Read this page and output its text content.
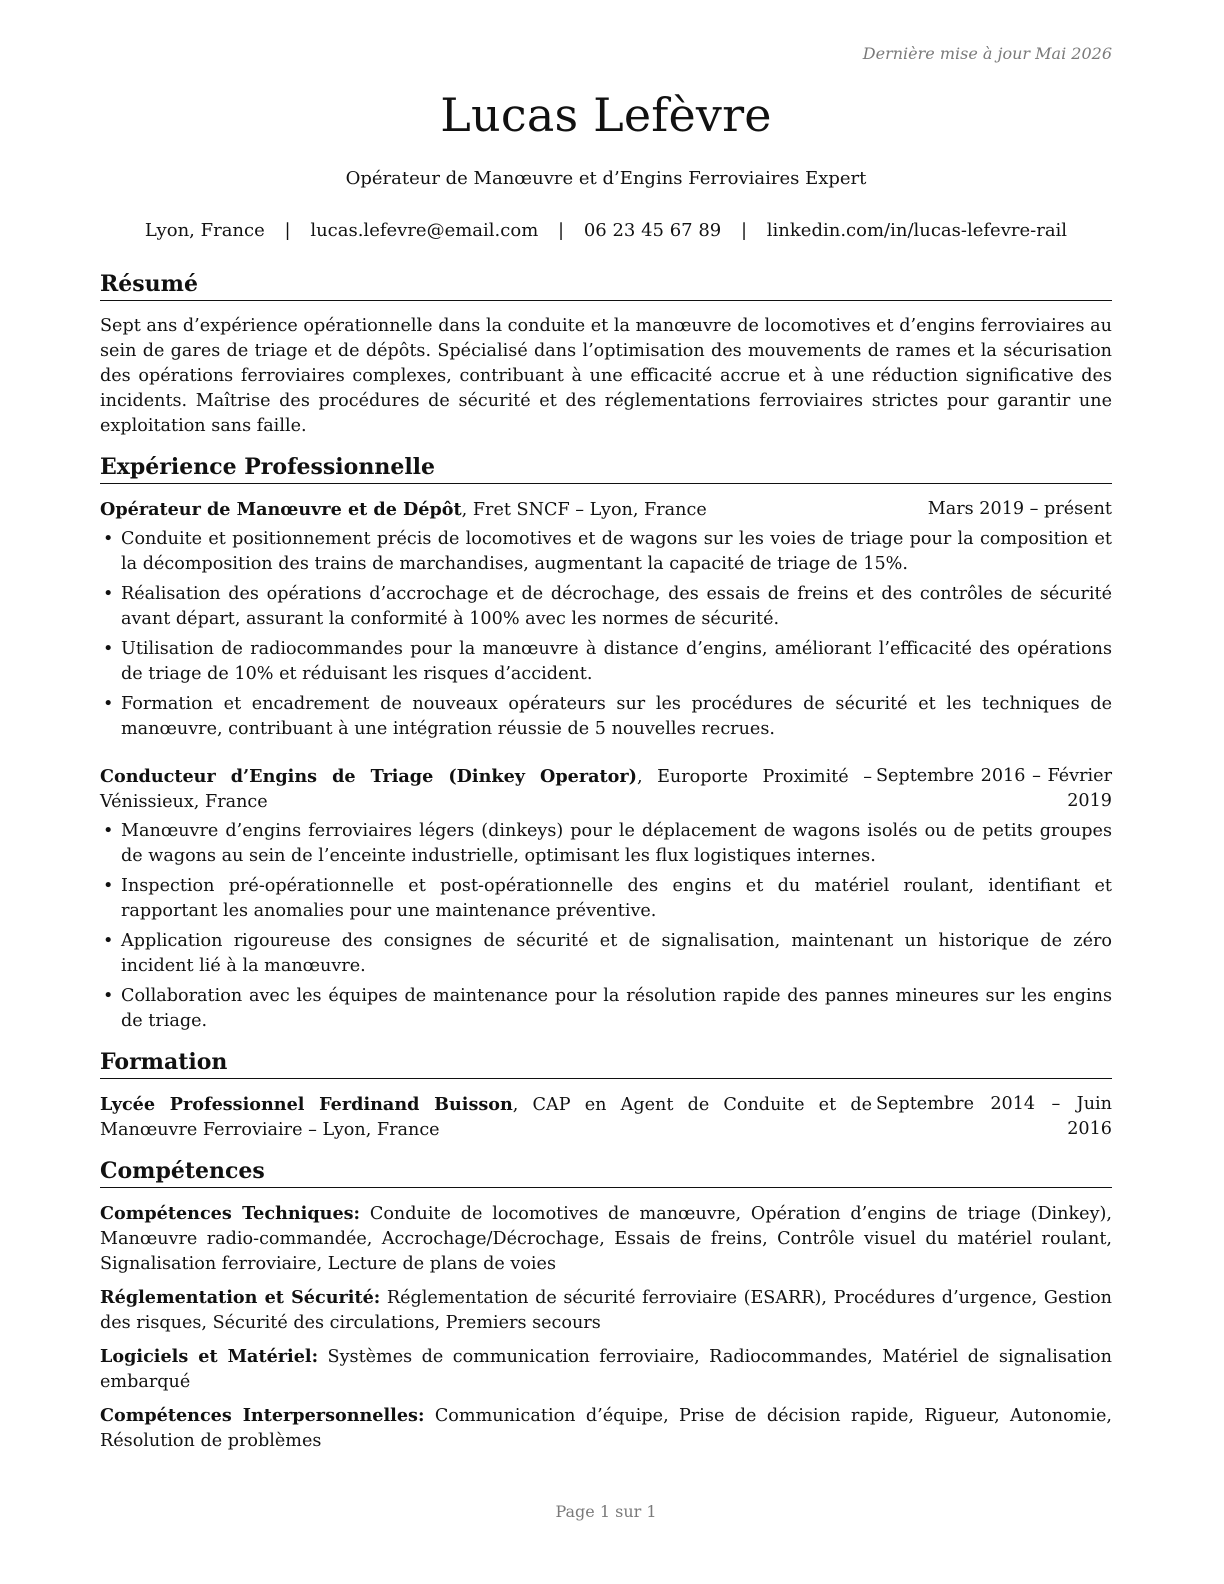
Dernière mise à jour Mai 2026
Lucas Lefèvre
Opérateur de Manœuvre et d’Engins Ferroviaires Expert
Lyon, France | lucas.lefevre@email.com | 06 23 45 67 89 | linkedin.com/in/lucas-lefevre-rail
Résumé

Sept ans d’expérience opérationnelle dans la conduite et la manœuvre de locomotives et d’engins ferroviaires au sein de gares de triage et de dépôts. Spécialisé dans l’optimisation des mouvements de rames et la sécurisation des opérations ferroviaires complexes, contribuant à une efficacité accrue et à une réduction significative des incidents. Maîtrise des procédures de sécurité et des réglementations ferroviaires strictes pour garantir une exploitation sans faille.

Expérience Professionnelle
Opérateur de Manœuvre et de Dépôt, Fret SNCF – Lyon, France	Mars 2019 – présent
• Conduite et positionnement précis de locomotives et de wagons sur les voies de triage pour la composition et la décomposition des trains de marchandises, augmentant la capacité de triage de 15%.
• Réalisation des opérations d’accrochage et de décrochage, des essais de freins et des contrôles de sécurité avant départ, assurant la conformité à 100% avec les normes de sécurité.
• Utilisation de radiocommandes pour la manœuvre à distance d’engins, améliorant l’efficacité des opérations de triage de 10% et réduisant les risques d’accident.
• Formation et encadrement de nouveaux opérateurs sur les procédures de sécurité et les techniques de manœuvre, contribuant à une intégration réussie de 5 nouvelles recrues.
Conducteur d’Engins de Triage (Dinkey Operator), Europorte Proximité – Vénissieux, France
Septembre 2016 – Février 2019
• Manœuvre d’engins ferroviaires légers (dinkeys) pour le déplacement de wagons isolés ou de petits groupes de wagons au sein de l’enceinte industrielle, optimisant les flux logistiques internes.
• Inspection pré-opérationnelle et post-opérationnelle des engins et du matériel roulant, identifiant et rapportant les anomalies pour une maintenance préventive.
• Application rigoureuse des consignes de sécurité et de signalisation, maintenant un historique de zéro incident lié à la manœuvre.
• Collaboration avec les équipes de maintenance pour la résolution rapide des pannes mineures sur les engins de triage.
Formation
Lycée Professionnel Ferdinand Buisson, CAP en Agent de Conduite et de Manœuvre Ferroviaire – Lyon, France
Septembre 2014 – Juin 2016
Compétences

Compétences Techniques: Conduite de locomotives de manœuvre, Opération d’engins de triage (Dinkey), Manœuvre radio-commandée, Accrochage/Décrochage, Essais de freins, Contrôle visuel du matériel roulant, Signalisation ferroviaire, Lecture de plans de voies

Réglementation et Sécurité: Réglementation de sécurité ferroviaire (ESARR), Procédures d’urgence, Gestion des risques, Sécurité des circulations, Premiers secours

Logiciels et Matériel: Systèmes de communication ferroviaire, Radiocommandes, Matériel de signalisation embarqué

Compétences Interpersonnelles: Communication d’équipe, Prise de décision rapide, Rigueur, Autonomie, Résolution de problèmes

Page 1 sur 1
